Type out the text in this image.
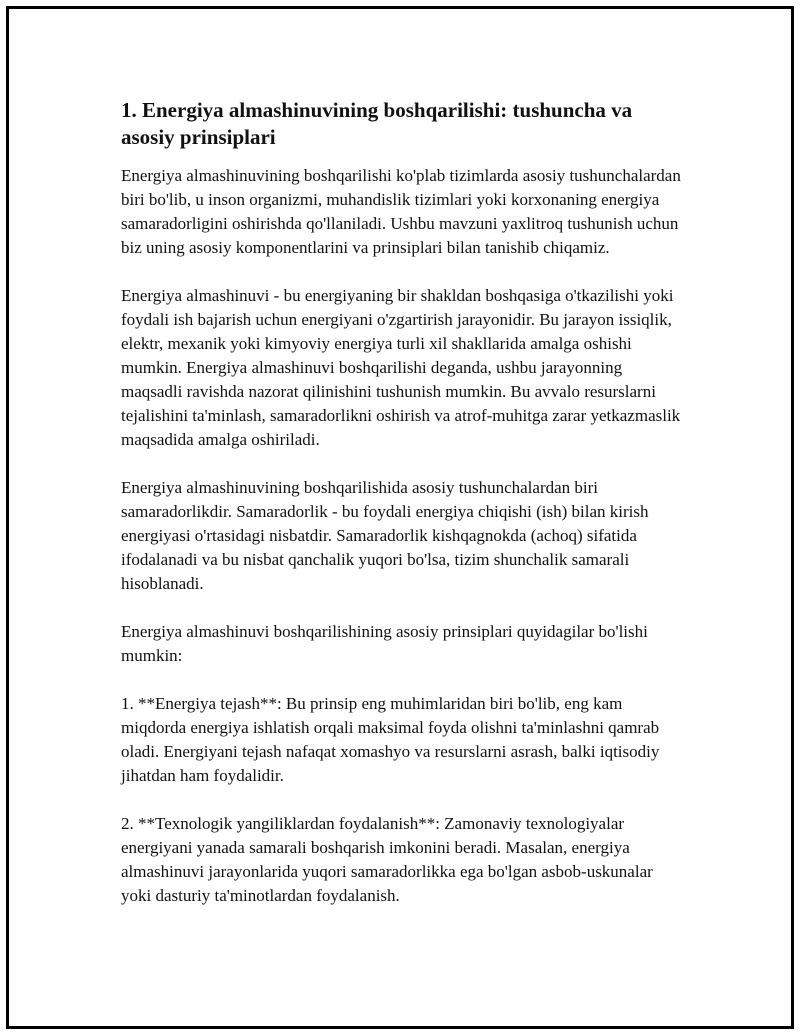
1. Energiya almashinuvining boshqarilishi: tushuncha va asosiy prinsiplari

Energiya almashinuvining boshqarilishi ko'plab tizimlarda asosiy tushunchalardan biri bo'lib, u inson organizmi, muhandislik tizimlari yoki korxonaning energiya samaradorligini oshirishda qo'llaniladi. Ushbu mavzuni yaxlitroq tushunish uchun biz uning asosiy komponentlarini va prinsiplari bilan tanishib chiqamiz.

Energiya almashinuvi - bu energiyaning bir shakldan boshqasiga o'tkazilishi yoki foydali ish bajarish uchun energiyani o'zgartirish jarayonidir. Bu jarayon issiqlik, elektr, mexanik yoki kimyoviy energiya turli xil shakllarida amalga oshishi mumkin. Energiya almashinuvi boshqarilishi deganda, ushbu jarayonning maqsadli ravishda nazorat qilinishini tushunish mumkin. Bu avvalo resurslarni tejalishini ta'minlash, samaradorlikni oshirish va atrof-muhitga zarar yetkazmaslik maqsadida amalga oshiriladi.

Energiya almashinuvining boshqarilishida asosiy tushunchalardan biri samaradorlikdir. Samaradorlik - bu foydali energiya chiqishi (ish) bilan kirish energiyasi o'rtasidagi nisbatdir. Samaradorlik kishqagnokda (achoq) sifatida ifodalanadi va bu nisbat qanchalik yuqori bo'lsa, tizim shunchalik samarali hisoblanadi.

Energiya almashinuvi boshqarilishining asosiy prinsiplari quyidagilar bo'lishi mumkin:

1. **Energiya tejash**: Bu prinsip eng muhimlaridan biri bo'lib, eng kam miqdorda energiya ishlatish orqali maksimal foyda olishni ta'minlashni qamrab oladi. Energiyani tejash nafaqat xomashyo va resurslarni asrash, balki iqtisodiy jihatdan ham foydalidir.

2. **Texnologik yangiliklardan foydalanish**: Zamonaviy texnologiyalar energiyani yanada samarali boshqarish imkonini beradi. Masalan, energiya almashinuvi jarayonlarida yuqori samaradorlikka ega bo'lgan asbob-uskunalar yoki dasturiy ta'minotlardan foydalanish.
